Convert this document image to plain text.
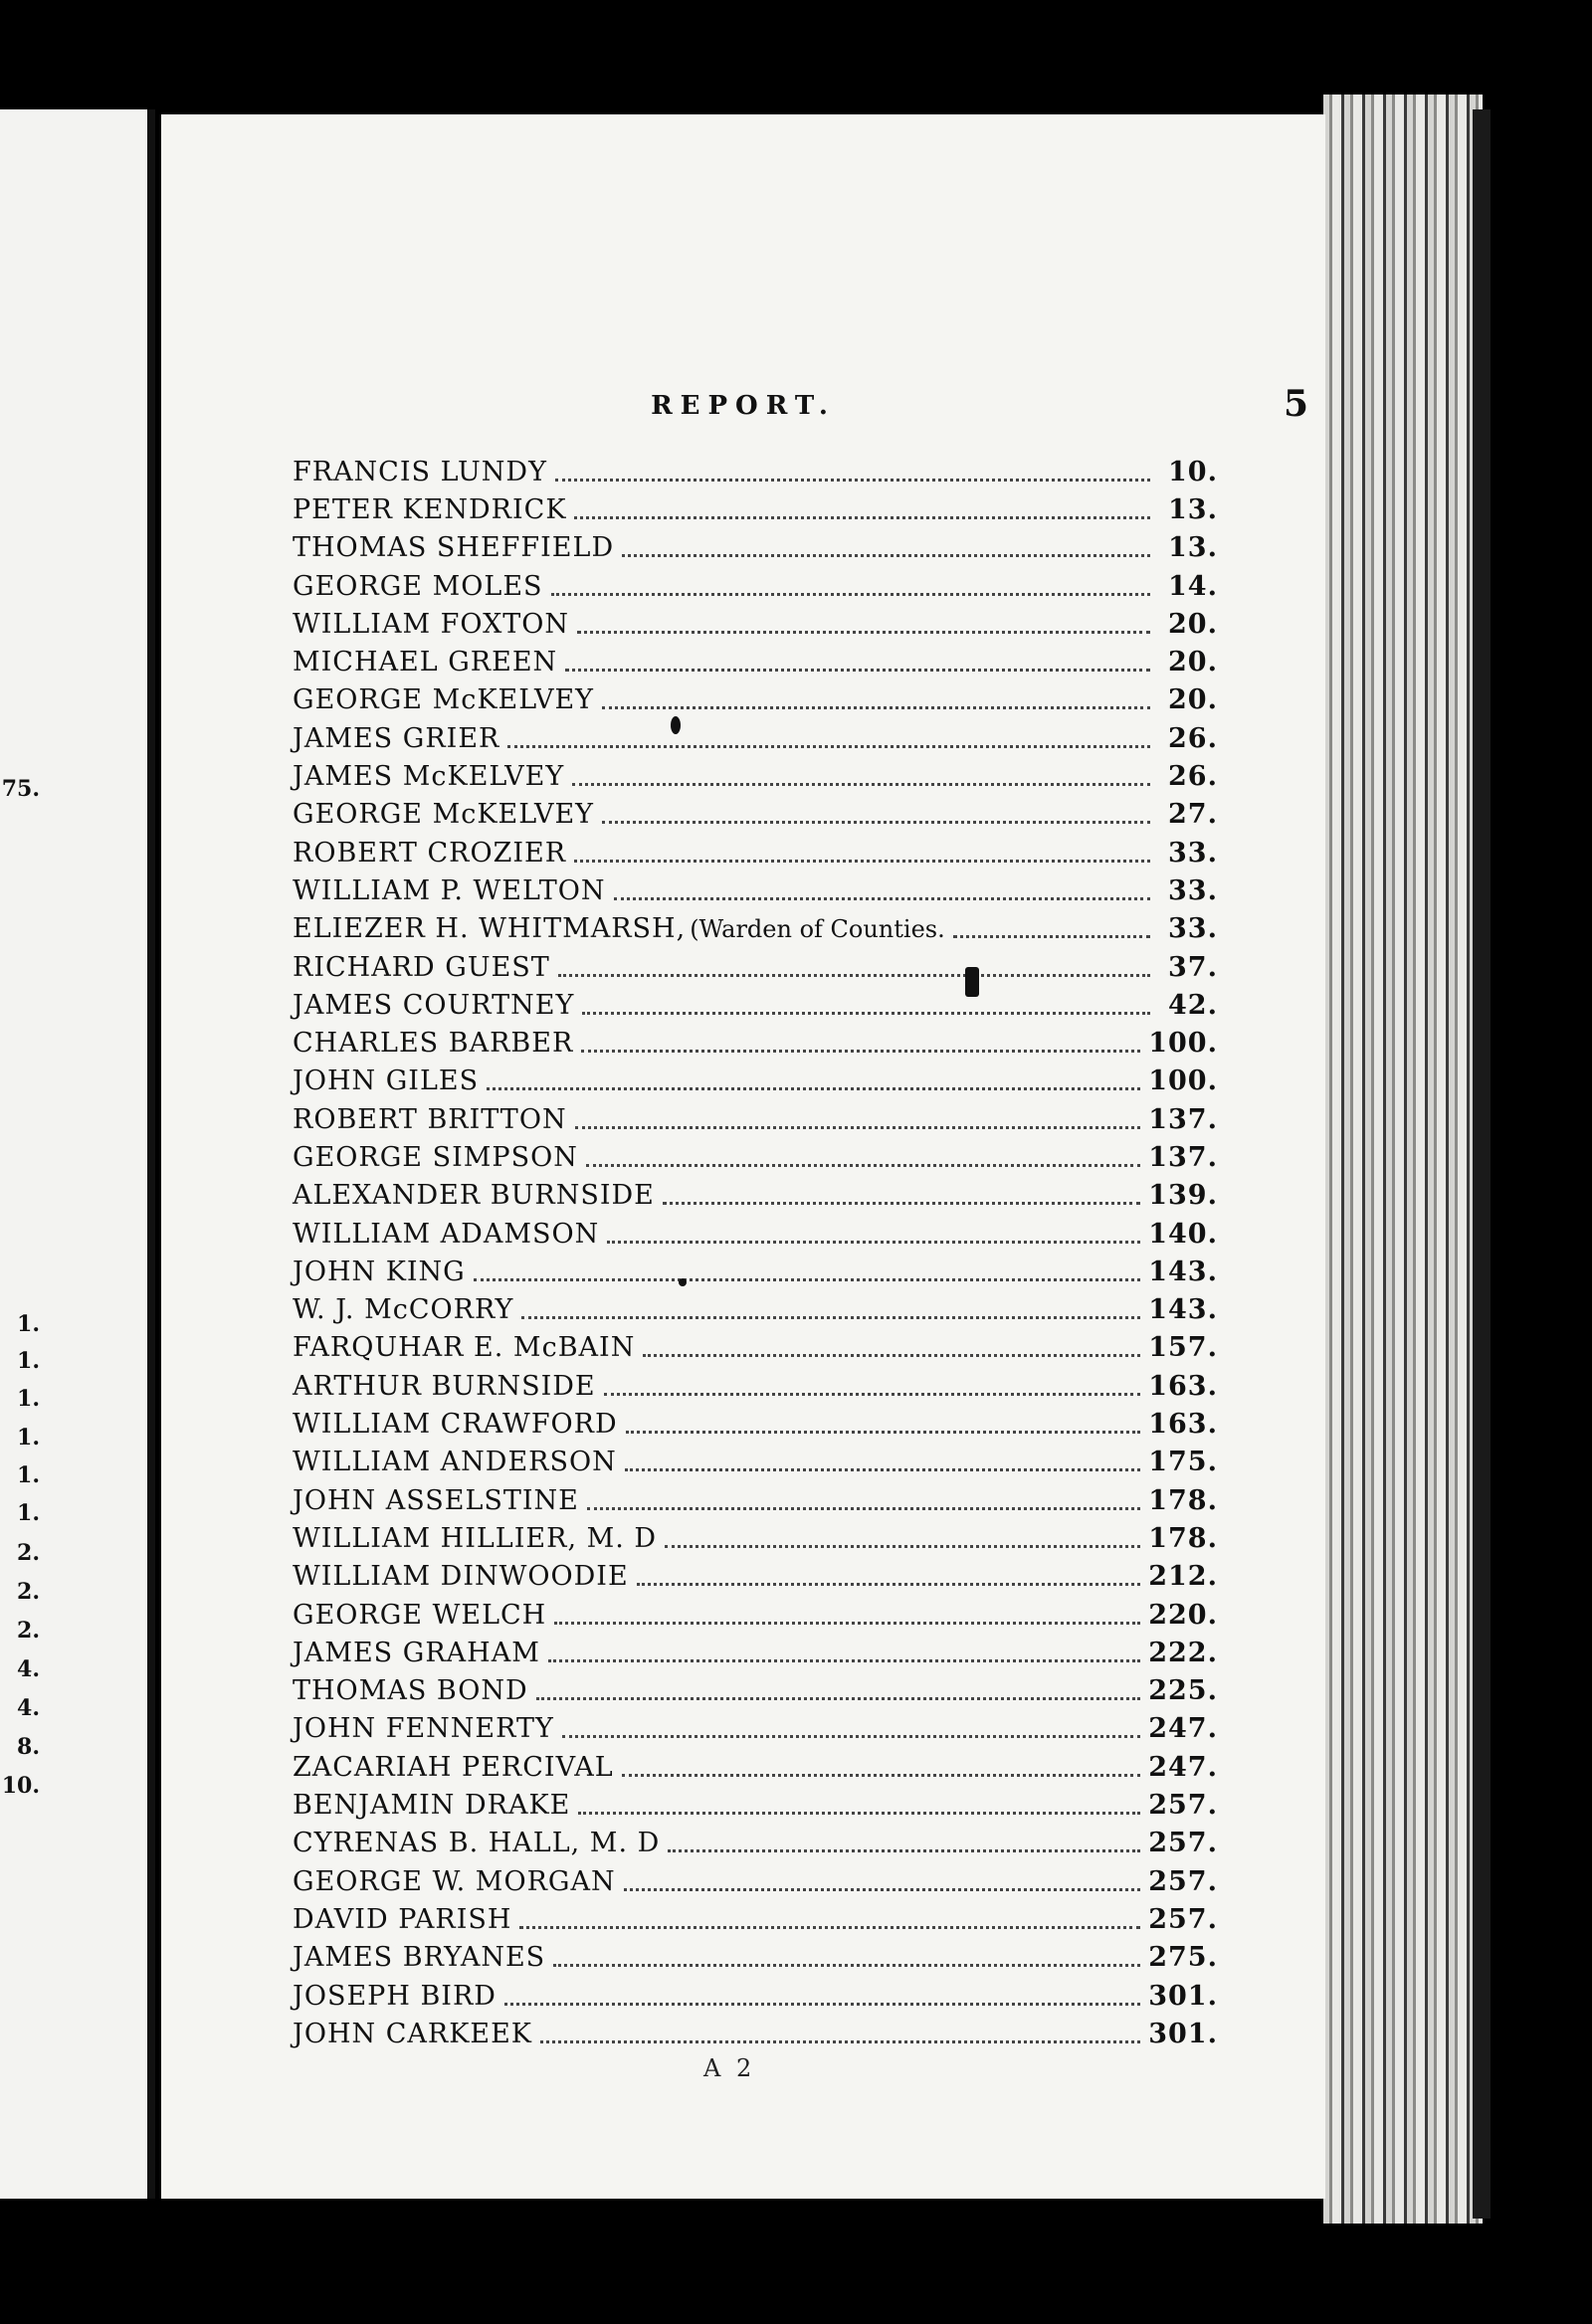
75.
1.
1.
1.
1.
1.
1.
2.
2.
2.
4.
4.
8.
10.
REPORT.	5
FRANCIS LUNDY	10.
PETER KENDRICK	13.
THOMAS SHEFFIELD	13.
GEORGE MOLES	14.
WILLIAM FOXTON	20.
MICHAEL GREEN	20.
GEORGE McKELVEY	20.
JAMES GRIER	26.
JAMES McKELVEY	26.
GEORGE McKELVEY	27.
ROBERT CROZIER	33.
WILLIAM P. WELTON	33.
ELIEZER H. WHITMARSH, (Warden of Counties.	33.
RICHARD GUEST	37.
JAMES COURTNEY	42.
CHARLES BARBER	100.
JOHN GILES	100.
ROBERT BRITTON	137.
GEORGE SIMPSON	137.
ALEXANDER BURNSIDE	139.
WILLIAM ADAMSON	140.
JOHN KING	143.
W. J. McCORRY	143.
FARQUHAR E. McBAIN	157.
ARTHUR BURNSIDE	163.
WILLIAM CRAWFORD	163.
WILLIAM ANDERSON	175.
JOHN ASSELSTINE	178.
WILLIAM HILLIER, M. D	178.
WILLIAM DINWOODIE	212.
GEORGE WELCH	220.
JAMES GRAHAM	222.
THOMAS BOND	225.
JOHN FENNERTY	247.
ZACARIAH PERCIVAL	247.
BENJAMIN DRAKE	257.
CYRENAS B. HALL, M. D	257.
GEORGE W. MORGAN	257.
DAVID PARISH	257.
JAMES BRYANES	275.
JOSEPH BIRD	301.
JOHN CARKEEK	301.
A 2
